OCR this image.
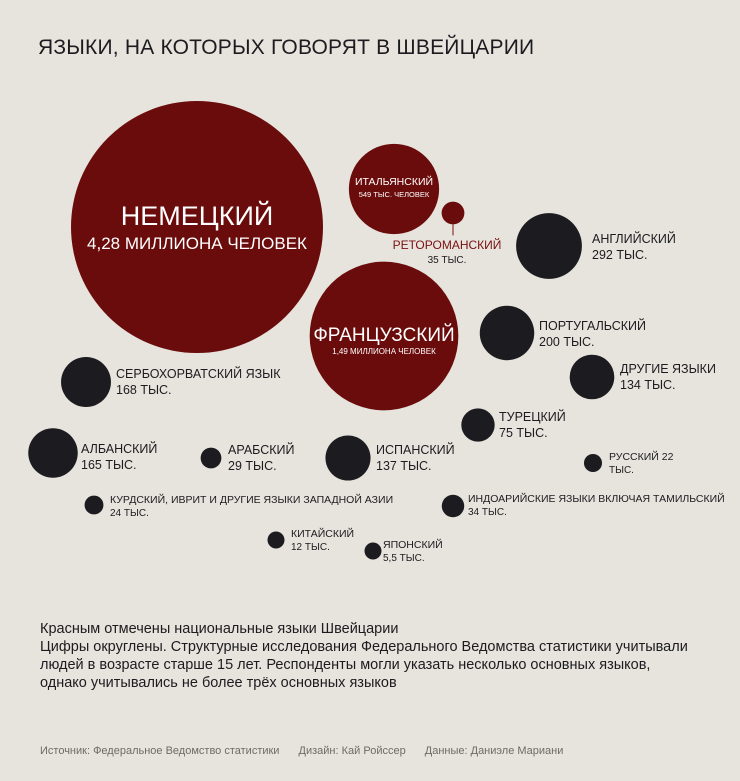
ЯЗЫКИ, НА КОТОРЫХ ГОВОРЯТ В ШВЕЙЦАРИИ
НЕМЕЦКИЙ
4,28 МИЛЛИОНА ЧЕЛОВЕК
ФРАНЦУЗСКИЙ
1,49 МИЛЛИОНА ЧЕЛОВЕК
ИТАЛЬЯНСКИЙ
549 ТЫС. ЧЕЛОВЕК
РЕТОРОМАНСКИЙ
35 ТЫС.
АНГЛИЙСКИЙ
292 ТЫС.
ПОРТУГАЛЬСКИЙ
200 ТЫС.
СЕРБОХОРВАТСКИЙ ЯЗЫК
168 ТЫС.
АЛБАНСКИЙ
165 ТЫС.
ИСПАНСКИЙ
137 ТЫС.
ДРУГИЕ ЯЗЫКИ
134 ТЫС.
ТУРЕЦКИЙ
75 ТЫС.
ИНДОАРИЙСКИЕ ЯЗЫКИ ВКЛЮЧАЯ ТАМИЛЬСКИЙ
34 ТЫС.
АРАБСКИЙ
29 ТЫС.
КУРДСКИЙ, ИВРИТ И ДРУГИЕ ЯЗЫКИ ЗАПАДНОЙ АЗИИ
24 ТЫС.
РУССКИЙ 22
ТЫС.
КИТАЙСКИЙ
12 ТЫС.	ЯПОНСКИЙ
5,5 ТЫС.
Красным отмечены национальные языки Швейцарии
Цифры округлены. Структурные исследования Федерального Ведомства статистики учитывали
людей в возрасте старше 15 лет. Респонденты могли указать несколько основных языков,
однако учитывались не более трёх основных языков
Источник: Федеральное Ведомство статистики Дизайн: Кай Ройссер Данные: Даниэле Мариани
